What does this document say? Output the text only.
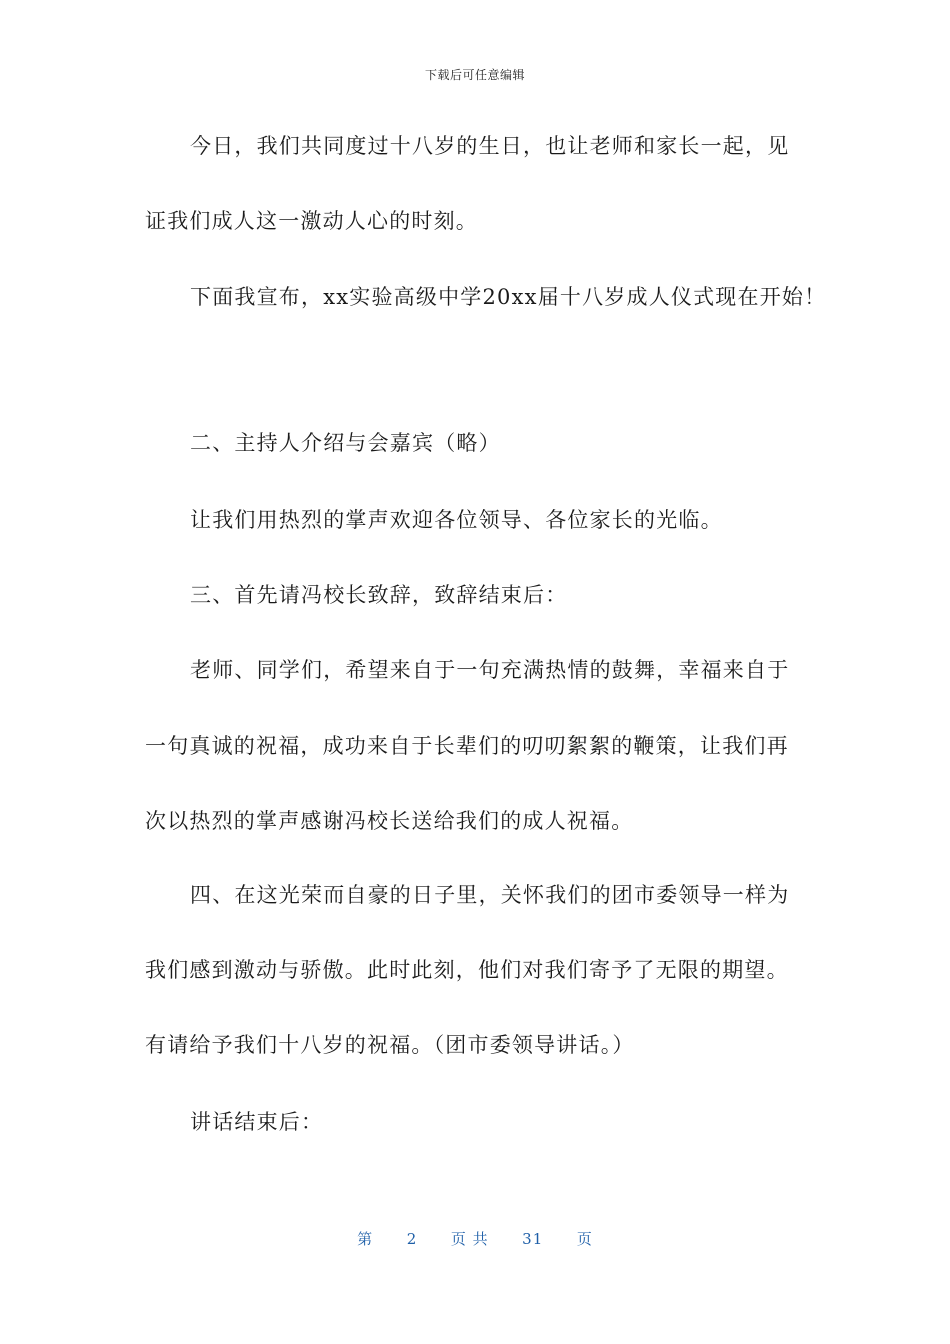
下载后可任意编辑
今日，我们共同度过十八岁的生日，也让老师和家长一起，见
证我们成人这一激动人心的时刻。
下面我宣布，xx实验高级中学20xx届十八岁成人仪式现在开始！
二、主持人介绍与会嘉宾（略）
让我们用热烈的掌声欢迎各位领导、各位家长的光临。
三、首先请冯校长致辞，致辞结束后：
老师、同学们，希望来自于一句充满热情的鼓舞，幸福来自于
一句真诚的祝福，成功来自于长辈们的叨叨絮絮的鞭策，让我们再
次以热烈的掌声感谢冯校长送给我们的成人祝福。
四、在这光荣而自豪的日子里，关怀我们的团市委领导一样为
我们感到激动与骄傲。此时此刻，他们对我们寄予了无限的期望。
有请给予我们十八岁的祝福。（团市委领导讲话。）
讲话结束后：
第 2 页 共 31 页
